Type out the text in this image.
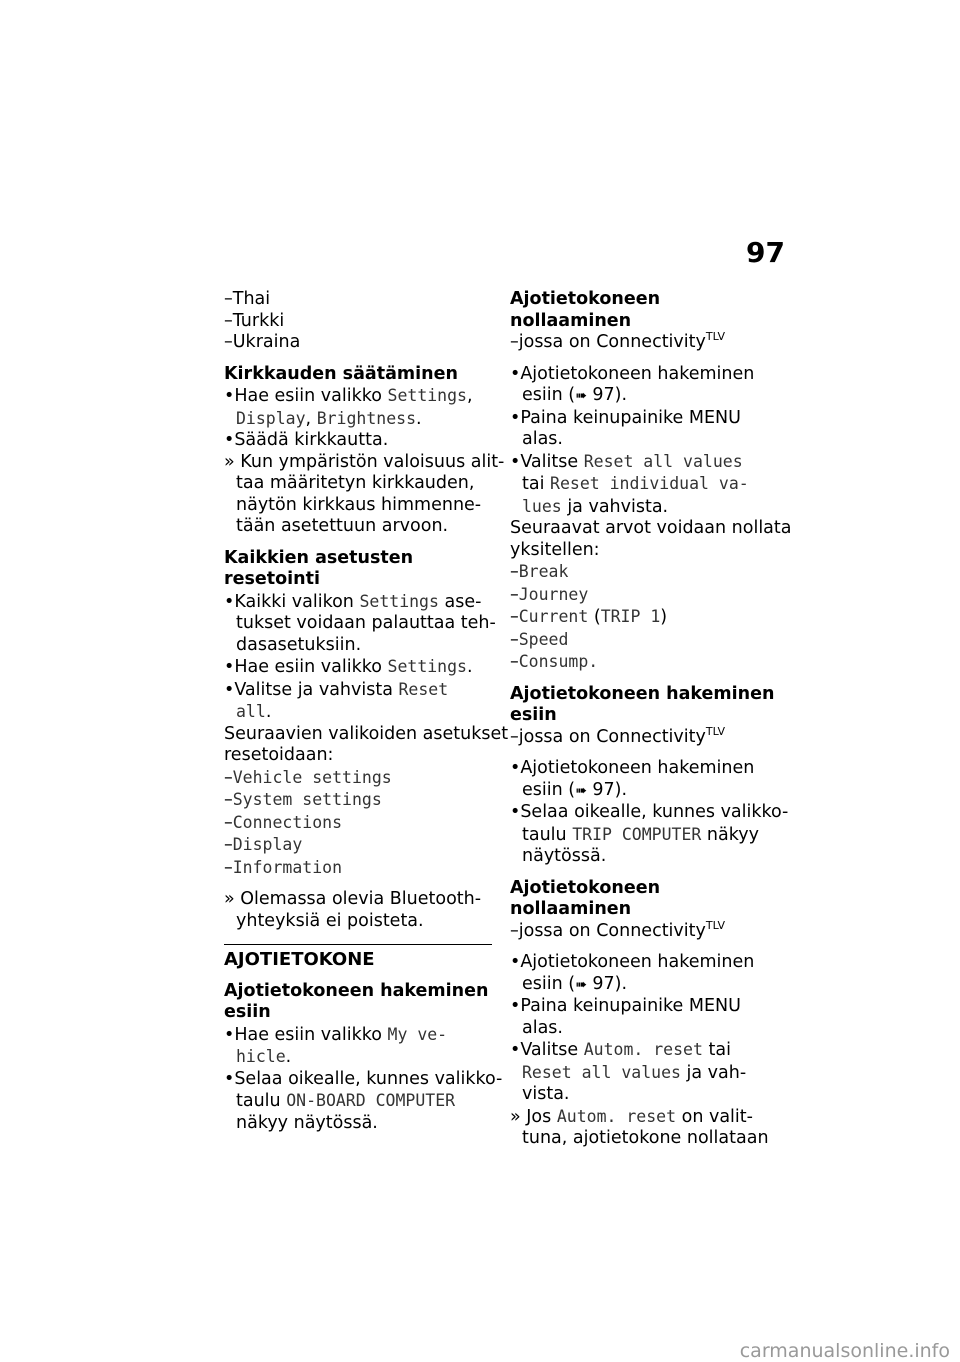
97
–Thai
–Turkki
–Ukraina
Kirkkauden säätäminen
•Hae esiin valikko Settings,
Display, Brightness.
•Säädä kirkkautta.
» Kun ympäristön valoisuus alit-
taa määritetyn kirkkauden,
näytön kirkkaus himmenne-
tään asetettuun arvoon.
Kaikkien asetusten resetointi
•Kaikki valikon Settings ase-
tukset voidaan palauttaa teh-
dasasetuksiin.
•Hae esiin valikko Settings.
•Valitse ja vahvista Reset
all.
Seuraavien valikoiden asetukset
resetoidaan:
–Vehicle settings
–System settings
–Connections
–Display
–Information
» Olemassa olevia Bluetooth-
yhteyksiä ei poisteta.
AJOTIETOKONE
Ajotietokoneen hakeminen
esiin
•Hae esiin valikko My ve-
hicle.
•Selaa oikealle, kunnes valikko-
taulu ON-BOARD COMPUTER
näkyy näytössä.
Ajotietokoneen nollaaminen
–jossa on Connectivity$^{TLV}$
•Ajotietokoneen hakeminen
esiin (➠ 97).
•Paina keinupainike MENU
alas.
•Valitse Reset all values
tai Reset individual va-
lues ja vahvista.
Seuraavat arvot voidaan nollata
yksitellen:
–Break
–Journey
–Current (TRIP 1)
–Speed
–Consump.
Ajotietokoneen hakeminen
esiin
–jossa on Connectivity$^{TLV}$
•Ajotietokoneen hakeminen
esiin (➠ 97).
•Selaa oikealle, kunnes valikko-
taulu TRIP COMPUTER näkyy
näytössä.
Ajotietokoneen nollaaminen
–jossa on Connectivity$^{TLV}$
•Ajotietokoneen hakeminen
esiin (➠ 97).
•Paina keinupainike MENU
alas.
•Valitse Autom. reset tai
Reset all values ja vah-
vista.
» Jos Autom. reset on valit-
tuna, ajotietokone nollataan
carmanualsonline.info
